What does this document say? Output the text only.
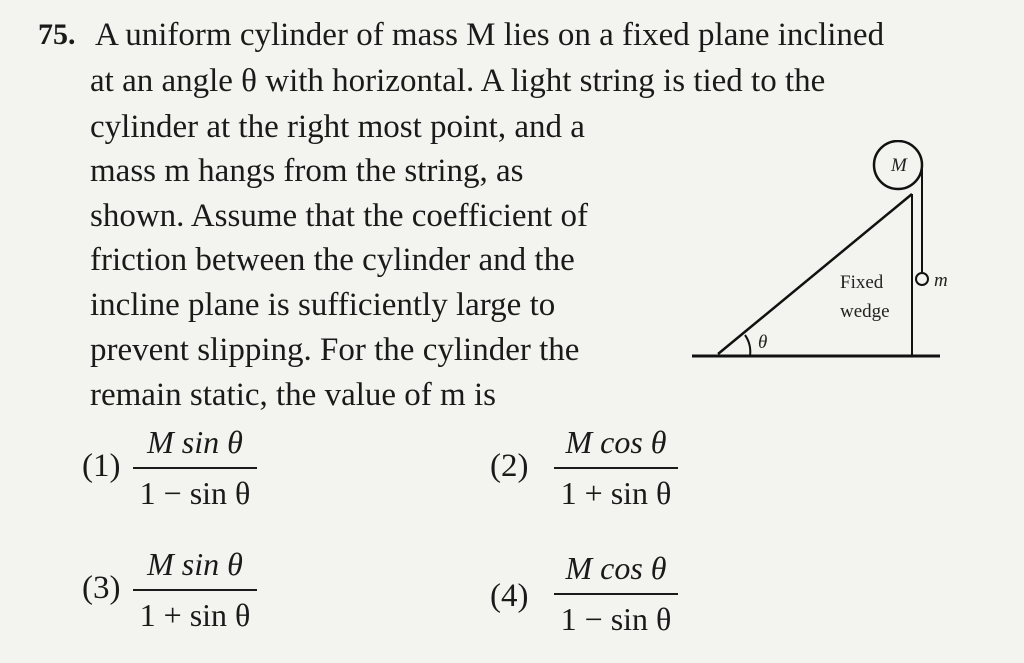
75. A uniform cylinder of mass M lies on a fixed plane inclined
at an angle θ with horizontal. A light string is tied to the
cylinder at the right most point, and a
mass m hangs from the string, as
shown. Assume that the coefficient of
friction between the cylinder and the
incline plane is sufficiently large to
prevent slipping. For the cylinder the
remain static, the value of m is
θ
M
m
Fixed
wedge
(1)
M sin θ
1 − sin θ
(2)
M cos θ
1 + sin θ
(3)
M sin θ
1 + sin θ
(4)
M cos θ
1 − sin θ
